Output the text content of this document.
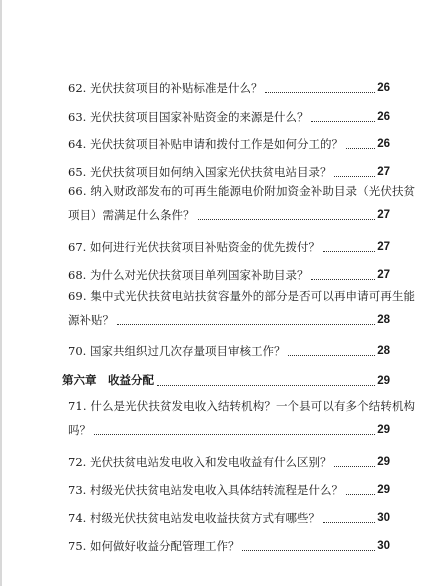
62. 光伏扶贫项目的补贴标准是什么？	26
63. 光伏扶贫项目国家补贴资金的来源是什么？	26
64. 光伏扶贫项目补贴申请和拨付工作是如何分工的？	26
65. 光伏扶贫项目如何纳入国家光伏扶贫电站目录？	27
66. 纳入财政部发布的可再生能源电价附加资金补助目录（光伏扶贫
项目）需满足什么条件？	27
67. 如何进行光伏扶贫项目补贴资金的优先拨付？	27
68. 为什么对光伏扶贫项目单列国家补助目录？	27
69. 集中式光伏扶贫电站扶贫容量外的部分是否可以再申请可再生能
源补贴？	28
70. 国家共组织过几次存量项目审核工作？	28
第六章　收益分配	29
71. 什么是光伏扶贫发电收入结转机构？一个县可以有多个结转机构
吗？	29
72. 光伏扶贫电站发电收入和发电收益有什么区别？	29
73. 村级光伏扶贫电站发电收入具体结转流程是什么？	29
74. 村级光伏扶贫电站发电收益扶贫方式有哪些？	30
75. 如何做好收益分配管理工作？	30
